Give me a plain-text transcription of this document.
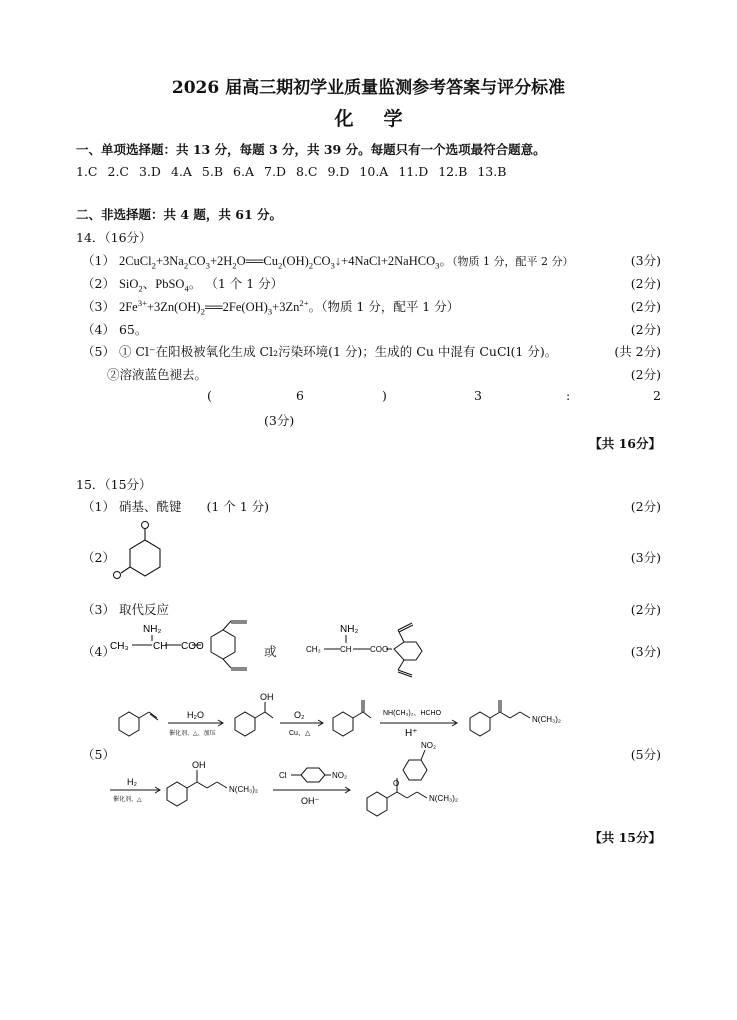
2026 届高三期初学业质量监测参考答案与评分标准
化学
一、单项选择题：共 13 分，每题 3 分，共 39 分。每题只有一个选项最符合题意。
1.C 2.C 3.D 4.A 5.B 6.A 7.D 8.C 9.D 10.A 11.D 12.B 13.B
二、非选择题：共 4 题，共 61 分。
14．（16分）
（1） $2CuCl_2+3Na_2CO_3+2H_2O══Cu_2(OH)_2CO_3↓+4NaCl+2NaHCO_3$。（物质 1 分，配平 2 分）	(3分)
（2） SiO$_2$、PbSO$_4$。 （1 个 1 分）	(2分)
（3） $2Fe^{3+}+3Zn(OH)_2══2Fe(OH)_3+3Zn^{2+}$。（物质 1 分，配平 1 分）	(2分)
（4） 65。	(2分)
（5） ① Cl⁻在阳极被氧化生成 Cl₂污染环境(1 分)；生成的 Cu 中混有 CuCl(1 分)。	(共 2分)
②溶液蓝色褪去。	(2分)
(	6	)	3	:	2
(3分)
【共 16分】
15．（15分）
（1） 硝基、酰键　　(1 个 1 分)	(2分)
（2）	(3分)
（3） 取代反应	(2分)
（4）	(3分)
或
NH₂
CH₃ CH COO
NH₂
CH₃ CH COO
（5）	(5分)
H₂O
催化剂、△、加压
OH
O₂
Cu、△
NH(CH₃)₂、HCHO
H⁺
N(CH₃)₂
H₂
催化剂、△
OH
N(CH₃)₂
Cl	NO₂
OH⁻
O
NO₂
N(CH₃)₂
【共 15分】
